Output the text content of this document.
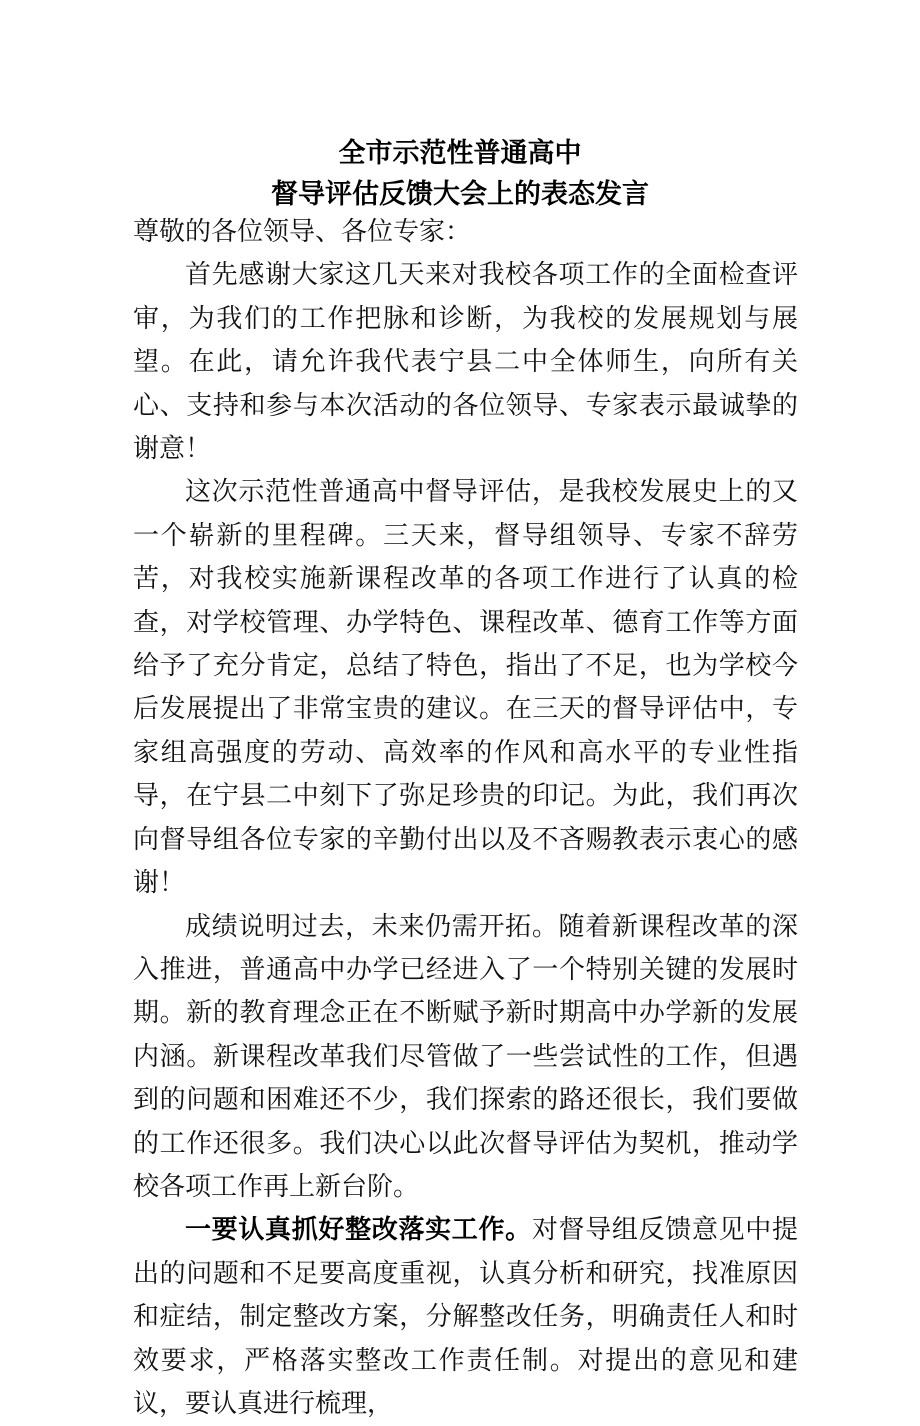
全市示范性普通高中
督导评估反馈大会上的表态发言

尊敬的各位领导、各位专家：

首先感谢大家这几天来对我校各项工作的全面检查评审，为我们的工作把脉和诊断，为我校的发展规划与展望。在此，请允许我代表宁县二中全体师生，向所有关心、支持和参与本次活动的各位领导、专家表示最诚挚的谢意！

这次示范性普通高中督导评估，是我校发展史上的又一个崭新的里程碑。三天来，督导组领导、专家不辞劳苦，对我校实施新课程改革的各项工作进行了认真的检查，对学校管理、办学特色、课程改革、德育工作等方面给予了充分肯定，总结了特色，指出了不足，也为学校今后发展提出了非常宝贵的建议。在三天的督导评估中，专家组高强度的劳动、高效率的作风和高水平的专业性指导，在宁县二中刻下了弥足珍贵的印记。为此，我们再次向督导组各位专家的辛勤付出以及不吝赐教表示衷心的感谢！

成绩说明过去，未来仍需开拓。随着新课程改革的深入推进，普通高中办学已经进入了一个特别关键的发展时期。新的教育理念正在不断赋予新时期高中办学新的发展内涵。新课程改革我们尽管做了一些尝试性的工作，但遇到的问题和困难还不少，我们探索的路还很长，我们要做的工作还很多。我们决心以此次督导评估为契机，推动学校各项工作再上新台阶。

一要认真抓好整改落实工作。对督导组反馈意见中提出的问题和不足要高度重视，认真分析和研究，找准原因和症结，制定整改方案，分解整改任务，明确责任人和时效要求，严格落实整改工作责任制。对提出的意见和建议，要认真进行梳理，
